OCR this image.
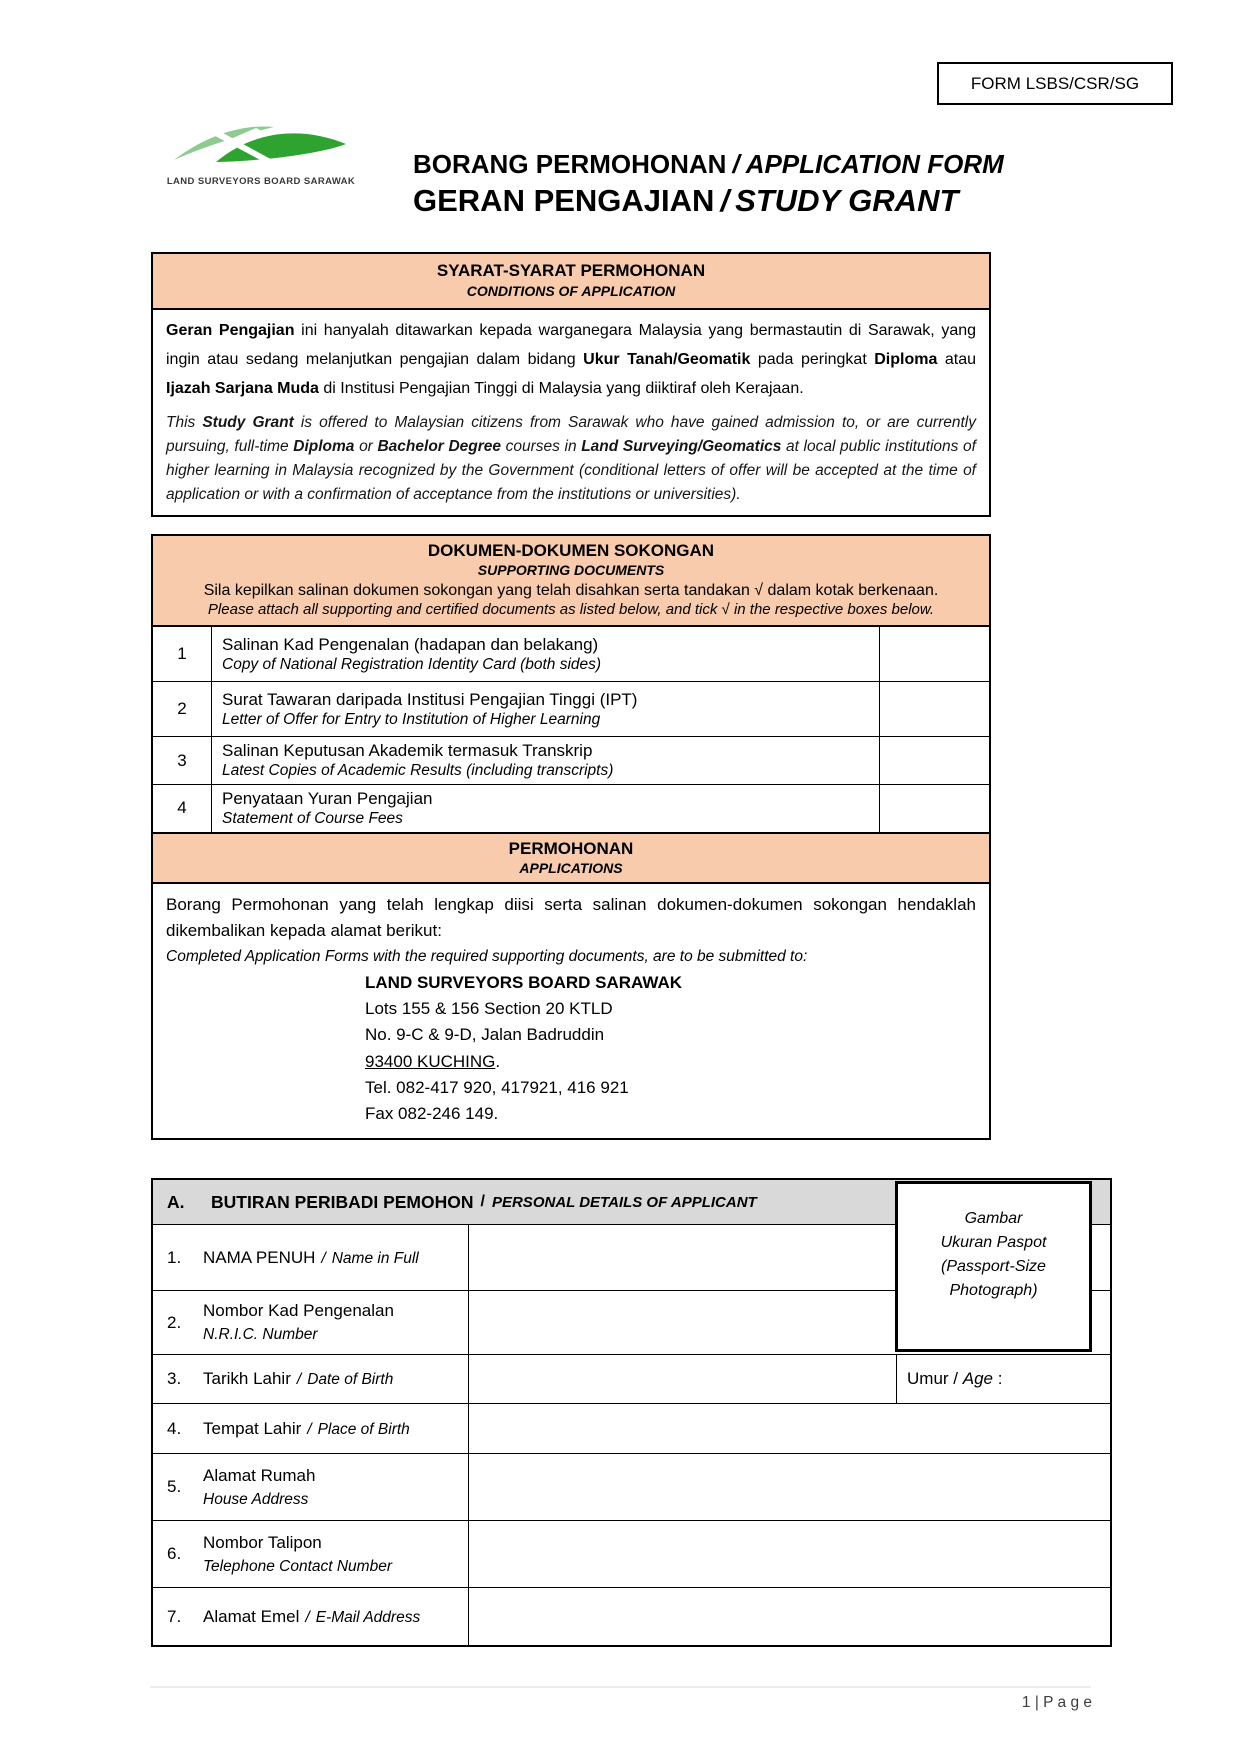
FORM LSBS/CSR/SG
LAND SURVEYORS BOARD SARAWAK
BORANG PERMOHONAN / APPLICATION FORM
GERAN PENGAJIAN / STUDY GRANT
SYARAT-SYARAT PERMOHONAN
CONDITIONS OF APPLICATION
Geran Pengajian ini hanyalah ditawarkan kepada warganegara Malaysia yang bermastautin di Sarawak, yang ingin atau sedang melanjutkan pengajian dalam bidang Ukur Tanah/Geomatik pada peringkat Diploma atau Ijazah Sarjana Muda di Institusi Pengajian Tinggi di Malaysia yang diiktiraf oleh Kerajaan.
This Study Grant is offered to Malaysian citizens from Sarawak who have gained admission to, or are currently pursuing, full-time Diploma or Bachelor Degree courses in Land Surveying/Geomatics at local public institutions of higher learning in Malaysia recognized by the Government (conditional letters of offer will be accepted at the time of application or with a confirmation of acceptance from the institutions or universities).
DOKUMEN-DOKUMEN SOKONGAN
SUPPORTING DOCUMENTS
Sila kepilkan salinan dokumen sokongan yang telah disahkan serta tandakan √ dalam kotak berkenaan.
Please attach all supporting and certified documents as listed below, and tick √ in the respective boxes below.
1	Salinan Kad Pengenalan (hadapan dan belakang)
Copy of National Registration Identity Card (both sides)
2	Surat Tawaran daripada Institusi Pengajian Tinggi (IPT)
Letter of Offer for Entry to Institution of Higher Learning
3	Salinan Keputusan Akademik termasuk Transkrip
Latest Copies of Academic Results (including transcripts)
4	Penyataan Yuran Pengajian
Statement of Course Fees
PERMOHONAN
APPLICATIONS
Borang Permohonan yang telah lengkap diisi serta salinan dokumen-dokumen sokongan hendaklah dikembalikan kepada alamat berikut:
Completed Application Forms with the required supporting documents, are to be submitted to:
LAND SURVEYORS BOARD SARAWAK
Lots 155 & 156 Section 20 KTLD
No. 9-C & 9-D, Jalan Badruddin
93400 KUCHING.
Tel. 082-417 920, 417921, 416 921
Fax 082-246 149.
A.	BUTIRAN PERIBADI PEMOHON / PERSONAL DETAILS OF APPLICANT
1.	NAMA PENUH / Name in Full
2.
Nombor Kad Pengenalan
N.R.I.C. Number
3.	Tarikh Lahir / Date of Birth	Umur / Age :
4.	Tempat Lahir / Place of Birth
5.
Alamat Rumah
House Address
6.
Nombor Talipon
Telephone Contact Number
7.	Alamat Emel / E-Mail Address
Gambar
Ukuran Paspot
(Passport-Size
Photograph)
1 | P a g e
